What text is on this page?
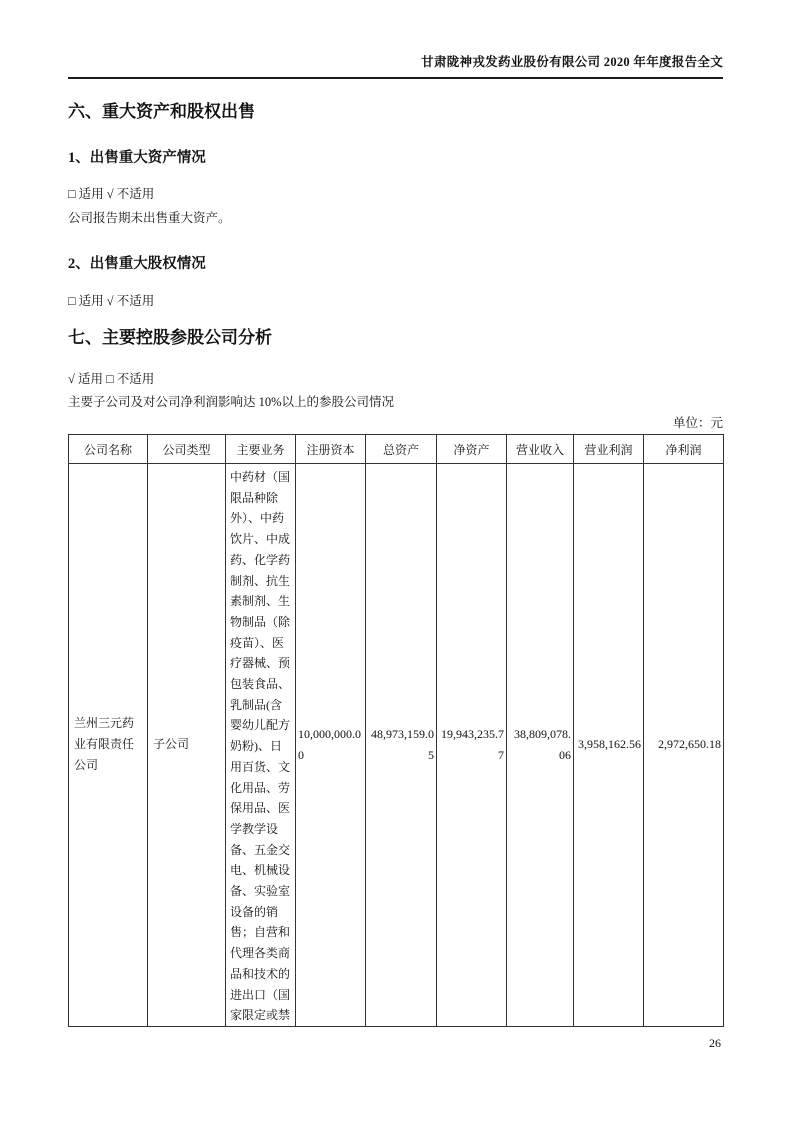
甘肃陇神戎发药业股份有限公司 2020 年年度报告全文
六、重大资产和股权出售
1、出售重大资产情况

□ 适用 √ 不适用

公司报告期未出售重大资产。

2、出售重大股权情况

□ 适用 √ 不适用

七、主要控股参股公司分析

√ 适用 □ 不适用

主要子公司及对公司净利润影响达 10%以上的参股公司情况

单位：元
公司名称	公司类型	主要业务	注册资本	总资产	净资产	营业收入	营业利润	净利润
兰州三元药业有限责任公司	子公司	中药材（国限品种除外）、中药饮片、中成药、化学药制剂、抗生素制剂、生物制品（除疫苗）、医疗器械、预包装食品、乳制品(含婴幼儿配方奶粉)、日用百货、文化用品、劳保用品、医学教学设备、五金交电、机械设备、实验室设备的销售；自营和代理各类商品和技术的进出口（国家限定或禁	10,000,000.00	48,973,159.05	19,943,235.77	38,809,078.06	3,958,162.56	2,972,650.18
26
